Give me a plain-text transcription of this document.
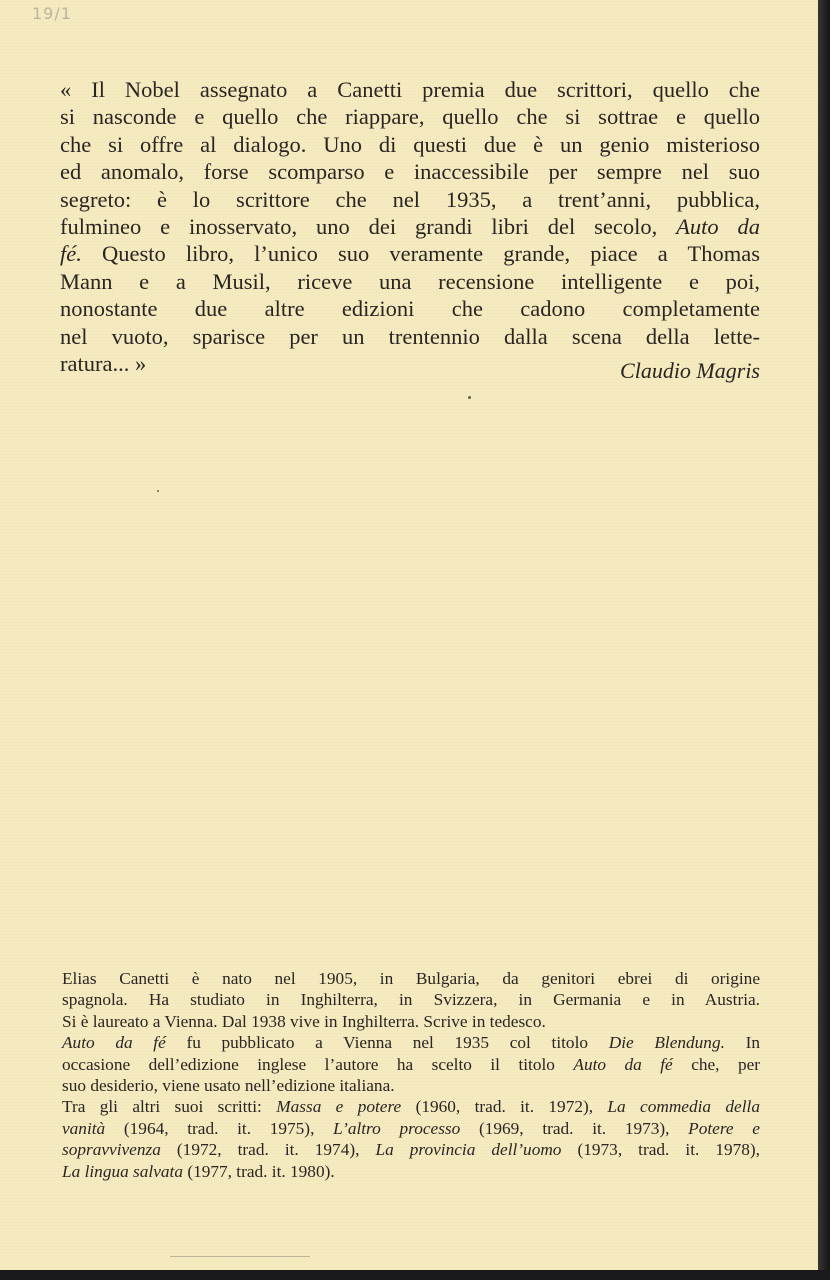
19/1
« Il Nobel assegnato a Canetti premia due scrittori, quello che
si nasconde e quello che riappare, quello che si sottrae e quello
che si offre al dialogo. Uno di questi due è un genio misterioso
ed anomalo, forse scomparso e inaccessibile per sempre nel suo
segreto: è lo scrittore che nel 1935, a trent’anni, pubblica,
fulmineo e inosservato, uno dei grandi libri del secolo, Auto da
fé. Questo libro, l’unico suo veramente grande, piace a Thomas
Mann e a Musil, riceve una recensione intelligente e poi,
nonostante due altre edizioni che cadono completamente
nel vuoto, sparisce per un trentennio dalla scena della lette-
ratura... »	Claudio Magris
Elias Canetti è nato nel 1905, in Bulgaria, da genitori ebrei di origine
spagnola. Ha studiato in Inghilterra, in Svizzera, in Germania e in Austria.
Si è laureato a Vienna. Dal 1938 vive in Inghilterra. Scrive in tedesco.
Auto da fé fu pubblicato a Vienna nel 1935 col titolo Die Blendung. In
occasione dell’edizione inglese l’autore ha scelto il titolo Auto da fé che, per
suo desiderio, viene usato nell’edizione italiana.
Tra gli altri suoi scritti: Massa e potere (1960, trad. it. 1972), La commedia della
vanità (1964, trad. it. 1975), L’altro processo (1969, trad. it. 1973), Potere e
sopravvivenza (1972, trad. it. 1974), La provincia dell’uomo (1973, trad. it. 1978),
La lingua salvata (1977, trad. it. 1980).
